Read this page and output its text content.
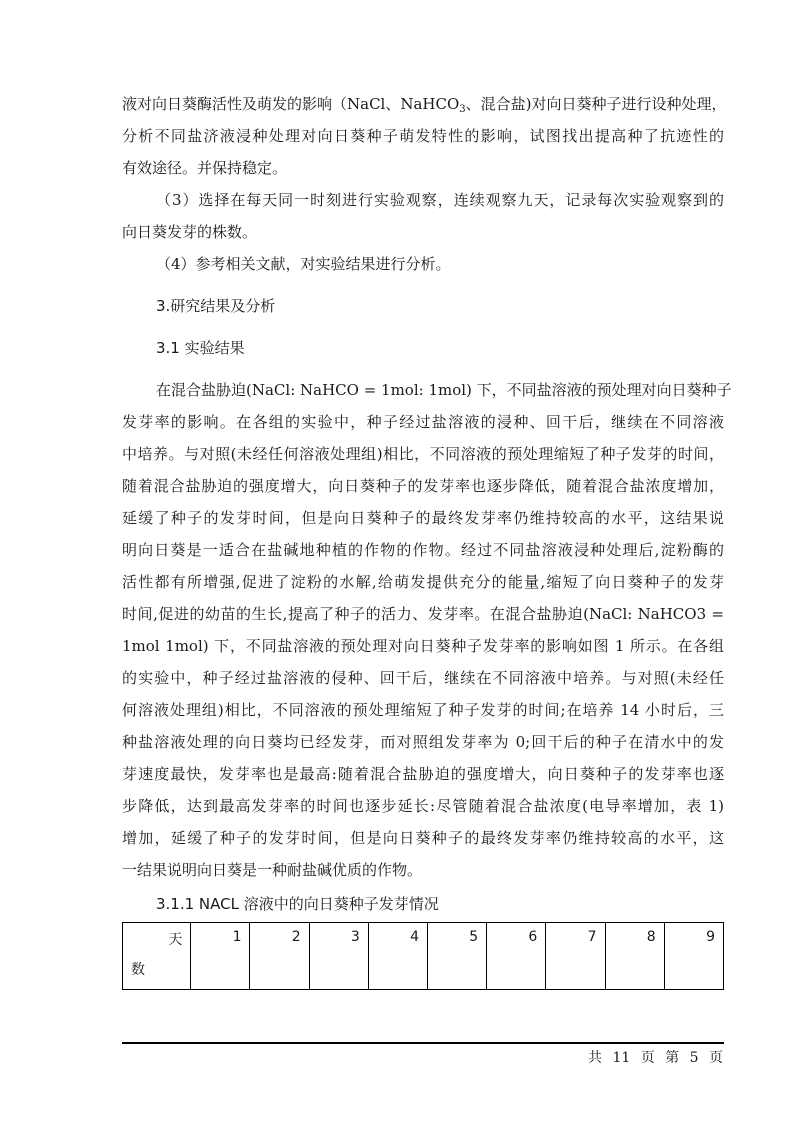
液对向日葵酶活性及萌发的影响（NaCl、NaHCO$_3$、混合盐)对向日葵种子进行设种处理，
分析不同盐济液浸种处理对向日葵种子萌发特性的影响，试图找出提高种了抗迹性的
有效途径。并保持稳定。
（3）选择在每天同一时刻进行实验观察，连续观察九天，记录每次实验观察到的
向日葵发芽的株数。
（4）参考相关文献，对实验结果进行分析。
3.研究结果及分析
3.1 实验结果
在混合盐胁迫(NaCl: NaHCO = 1mol: 1mol) 下，不同盐溶液的预处理对向日葵种子
发芽率的影响。在各组的实验中，种子经过盐溶液的浸种、回干后，继续在不同溶液
中培养。与对照(未经任何溶液处理组)相比，不同溶液的预处理缩短了种子发芽的时间，
随着混合盐胁迫的强度增大，向日葵种子的发芽率也逐步降低，随着混合盐浓度增加，
延缓了种子的发芽时间，但是向日葵种子的最终发芽率仍维持较高的水平，这结果说
明向日葵是一适合在盐碱地种植的作物的作物。经过不同盐溶液浸种处理后,淀粉酶的
活性都有所增强,促进了淀粉的水解,给萌发提供充分的能量,缩短了向日葵种子的发芽
时间,促进的幼苗的生长,提高了种子的活力、发芽率。在混合盐胁迫(NaCl: NaHCO3 =
1mol 1mol) 下，不同盐溶液的预处理对向日葵种子发芽率的影响如图 1 所示。在各组
的实验中，种子经过盐溶液的侵种、回干后，继续在不同溶液中培养。与对照(未经任
何溶液处理组)相比，不同溶液的预处理缩短了种子发芽的时间;在培养 14 小时后，三
种盐溶液处理的向日葵均已经发芽，而对照组发芽率为 0;回干后的种子在清水中的发
芽速度最快，发芽率也是最高:随着混合盐胁迫的强度增大，向日葵种子的发芽率也逐
步降低，达到最高发芽率的时间也逐步延长:尽管随着混合盐浓度(电导率增加，表 1)
增加，延缓了种子的发芽时间，但是向日葵种子的最终发芽率仍维持较高的水平，这
一结果说明向日葵是一种耐盐碱优质的作物。
3.1.1 NACL 溶液中的向日葵种子发芽情况
天
数
	1	2	3	4	5	6	7	8	9
共 11 页 第 5 页
